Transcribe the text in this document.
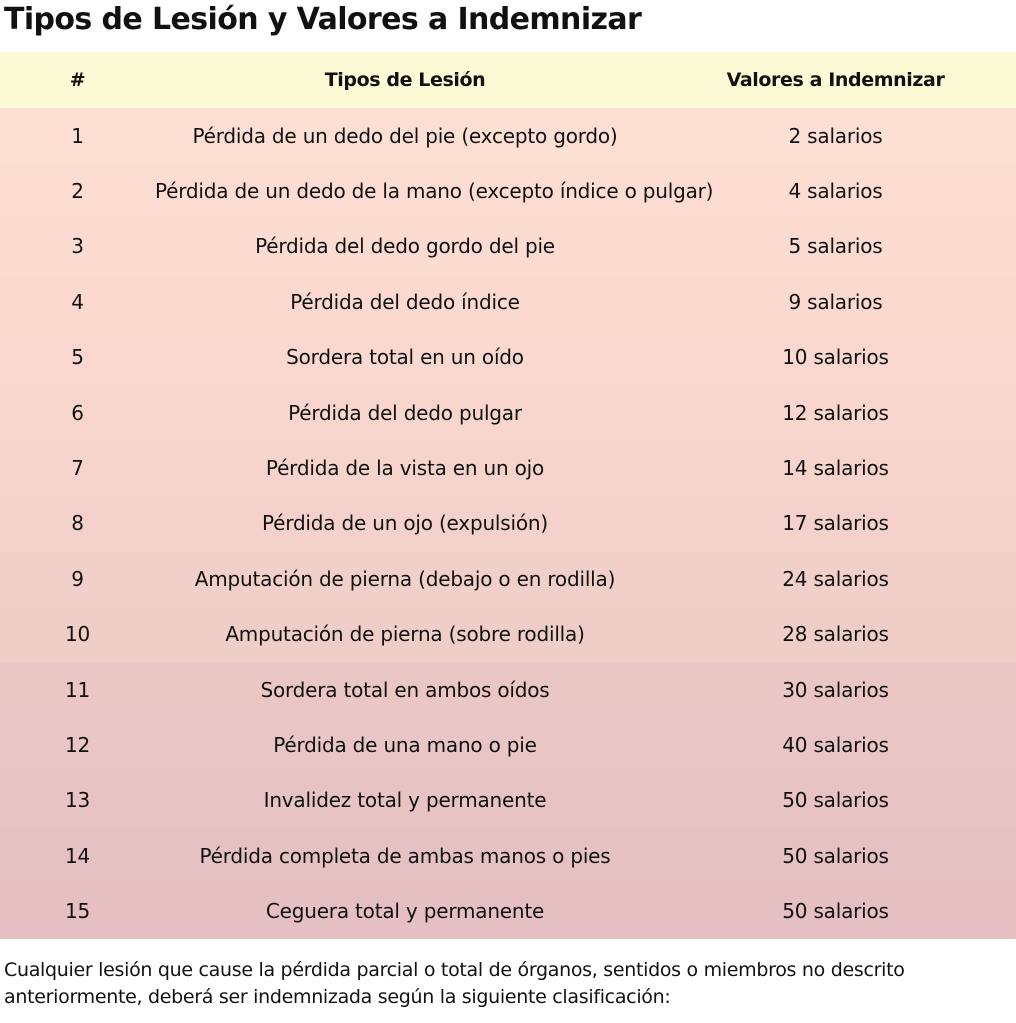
Tipos de Lesión y Valores a Indemnizar
#	Tipos de Lesión	Valores a Indemnizar
1	Pérdida de un dedo del pie (excepto gordo)	2 salarios
2	Pérdida de un dedo de la mano (excepto índice o pulgar)	4 salarios
3	Pérdida del dedo gordo del pie	5 salarios
4	Pérdida del dedo índice	9 salarios
5	Sordera total en un oído	10 salarios
6	Pérdida del dedo pulgar	12 salarios
7	Pérdida de la vista en un ojo	14 salarios
8	Pérdida de un ojo (expulsión)	17 salarios
9	Amputación de pierna (debajo o en rodilla)	24 salarios
10	Amputación de pierna (sobre rodilla)	28 salarios
11	Sordera total en ambos oídos	30 salarios
12	Pérdida de una mano o pie	40 salarios
13	Invalidez total y permanente	50 salarios
14	Pérdida completa de ambas manos o pies	50 salarios
15	Ceguera total y permanente	50 salarios

Cualquier lesión que cause la pérdida parcial o total de órganos, sentidos o miembros no descrito anteriormente, deberá ser indemnizada según la siguiente clasificación:
